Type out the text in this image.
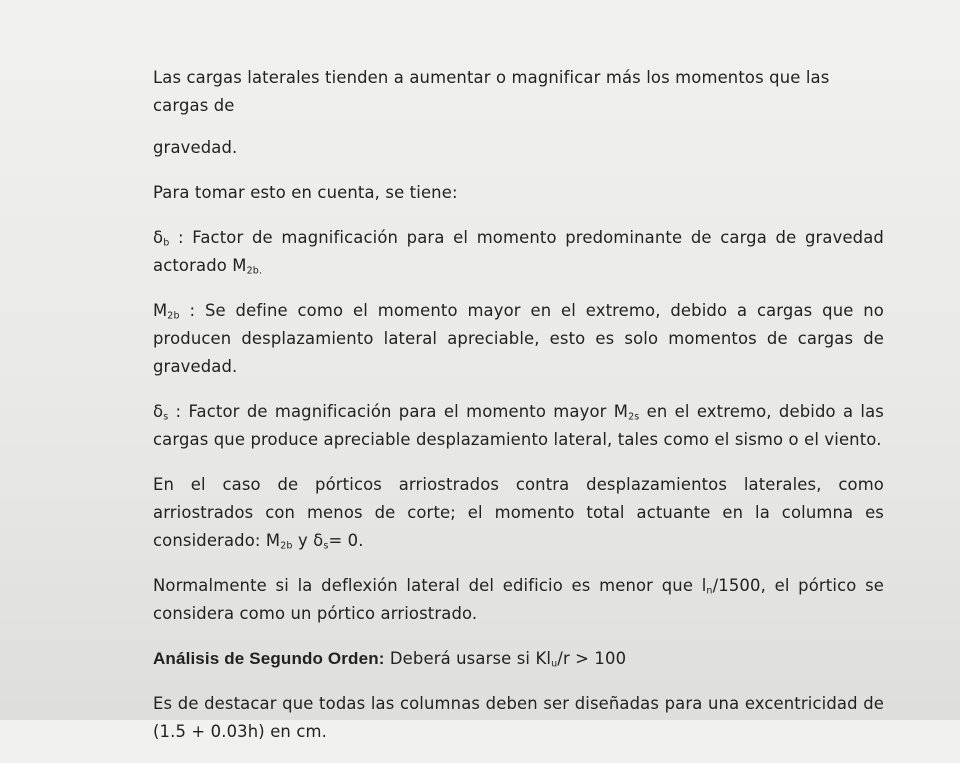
Las cargas laterales tienden a aumentar o magnificar más los momentos que las cargas de
gravedad.

Para tomar esto en cuenta, se tiene:

$\delta_b$ : Factor de magnificación para el momento predominante de carga de gravedad actorado $M_{2b.}$

$M_{2b}$ : Se define como el momento mayor en el extremo, debido a cargas que no producen desplazamiento lateral apreciable, esto es solo momentos de cargas de gravedad.

$\delta_s$ : Factor de magnificación para el momento mayor $M_{2s}$ en el extremo, debido a las cargas que produce apreciable desplazamiento lateral, tales como el sismo o el viento.

En el caso de pórticos arriostrados contra desplazamientos laterales, como arriostrados con menos de corte; el momento total actuante en la columna es considerado: $M_{2b}$ y $\delta_s= 0$.

Normalmente si la deflexión lateral del edificio es menor que $l_n/1500$, el pórtico se considera como un pórtico arriostrado.

Análisis de Segundo Orden: Deberá usarse si $Kl_u/r > 100$

Es de destacar que todas las columnas deben ser diseñadas para una excentricidad de (1.5 + 0.03h) en cm.
